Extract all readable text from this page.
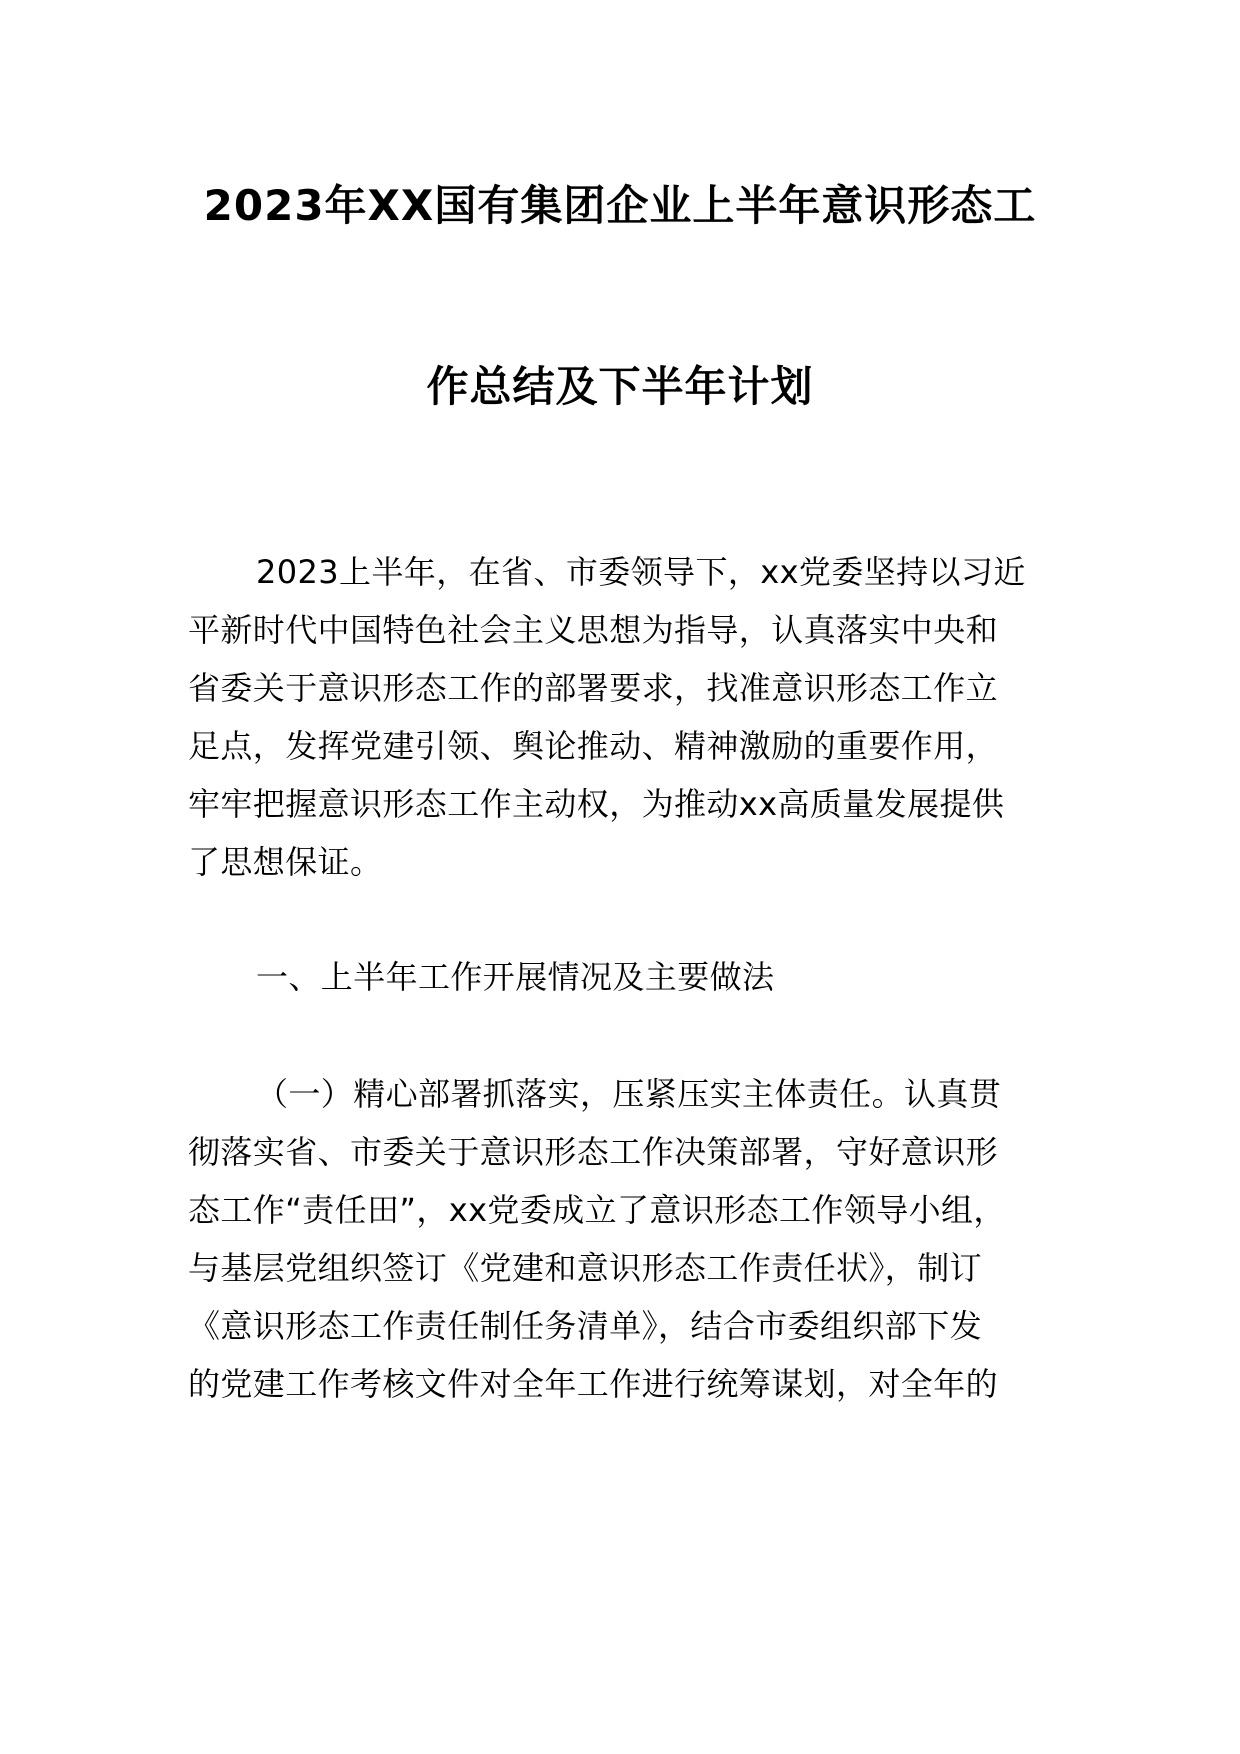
2023年XX国有集团企业上半年意识形态工
作总结及下半年计划
2023上半年，在省、市委领导下，xx党委坚持以习近
平新时代中国特色社会主义思想为指导，认真落实中央和
省委关于意识形态工作的部署要求，找准意识形态工作立
足点，发挥党建引领、舆论推动、精神激励的重要作用，
牢牢把握意识形态工作主动权，为推动xx高质量发展提供
了思想保证。
一、上半年工作开展情况及主要做法
（一）精心部署抓落实，压紧压实主体责任。认真贯
彻落实省、市委关于意识形态工作决策部署，守好意识形
态工作“责任田”，xx党委成立了意识形态工作领导小组，
与基层党组织签订《党建和意识形态工作责任状》，制订
《意识形态工作责任制任务清单》，结合市委组织部下发
的党建工作考核文件对全年工作进行统筹谋划，对全年的
